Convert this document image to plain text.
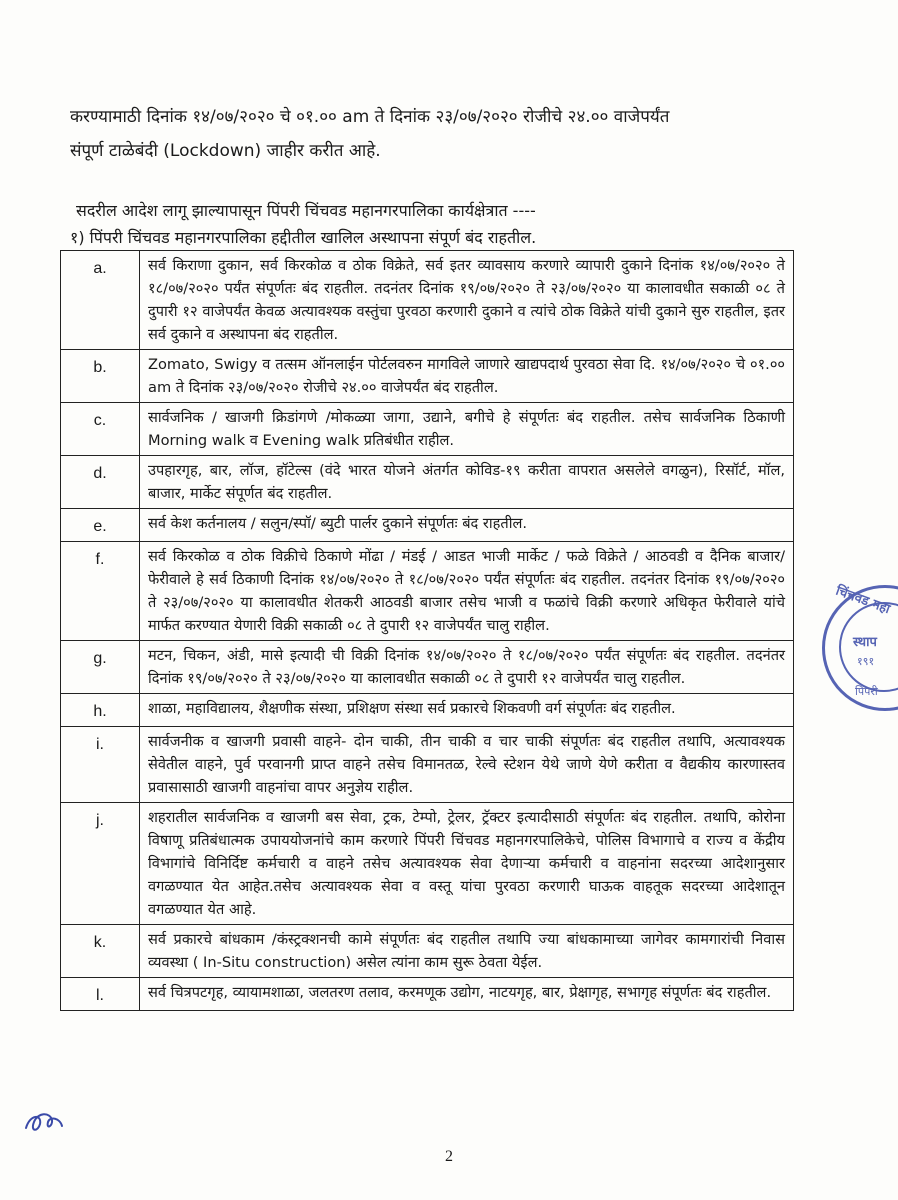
करण्यामाठी दिनांक १४/०७/२०२० चे ०१.०० am ते दिनांक २३/०७/२०२० रोजीचे २४.०० वाजेपर्यंत

संपूर्ण टाळेबंदी (Lockdown) जाहीर करीत आहे.

सदरील आदेश लागू झाल्यापासून पिंपरी चिंचवड महानगरपालिका कार्यक्षेत्रात ----

१) पिंपरी चिंचवड महानगरपालिका हद्दीतील खालिल अस्थापना संपूर्ण बंद राहतील.

a.	सर्व किराणा दुकान, सर्व किरकोळ व ठोक विक्रेते, सर्व इतर व्यावसाय करणारे व्यापारी दुकाने दिनांक १४/०७/२०२० ते १८/०७/२०२० पर्यंत संपूर्णतः बंद राहतील. तदनंतर दिनांक १९/०७/२०२० ते २३/०७/२०२० या कालावधीत सकाळी ०८ ते दुपारी १२ वाजेपर्यंत केवळ अत्यावश्यक वस्तुंचा पुरवठा करणारी दुकाने व त्यांचे ठोक विक्रेते यांची दुकाने सुरु राहतील, इतर सर्व दुकाने व अस्थापना बंद राहतील.
b.	Zomato, Swigy व तत्सम ऑनलाईन पोर्टलवरुन मागविले जाणारे खाद्यपदार्थ पुरवठा सेवा दि. १४/०७/२०२० चे ०१.०० am ते दिनांक २३/०७/२०२० रोजीचे २४.०० वाजेपर्यंत बंद राहतील.
c.	सार्वजनिक / खाजगी क्रिडांगणे /मोकळ्या जागा, उद्याने, बगीचे हे संपूर्णतः बंद राहतील. तसेच सार्वजनिक ठिकाणी Morning walk व Evening walk प्रतिबंधीत राहील.
d.	उपहारगृह, बार, लॉज, हॉटेल्स (वंदे भारत योजने अंतर्गत कोविड-१९ करीता वापरात असलेले वगळुन), रिसॉर्ट, मॉल, बाजार, मार्केट संपूर्णत बंद राहतील.
e.	सर्व केश कर्तनालय / सलुन/स्पॉ/ ब्युटी पार्लर दुकाने संपूर्णतः बंद राहतील.
f.	सर्व किरकोळ व ठोक विक्रीचे ठिकाणे मोंढा / मंडई / आडत भाजी मार्केट / फळे विक्रेते / आठवडी व दैनिक बाजार/ फेरीवाले हे सर्व ठिकाणी दिनांक १४/०७/२०२० ते १८/०७/२०२० पर्यंत संपूर्णतः बंद राहतील. तदनंतर दिनांक १९/०७/२०२० ते २३/०७/२०२० या कालावधीत शेतकरी आठवडी बाजार तसेच भाजी व फळांचे विक्री करणारे अधिकृत फेरीवाले यांचे मार्फत करण्यात येणारी विक्री सकाळी ०८ ते दुपारी १२ वाजेपर्यंत चालु राहील.
g.	मटन, चिकन, अंडी, मासे इत्यादी ची विक्री दिनांक १४/०७/२०२० ते १८/०७/२०२० पर्यंत संपूर्णतः बंद राहतील. तदनंतर दिनांक १९/०७/२०२० ते २३/०७/२०२० या कालावधीत सकाळी ०८ ते दुपारी १२ वाजेपर्यंत चालु राहतील.
h.	शाळा, महाविद्यालय, शैक्षणीक संस्था, प्रशिक्षण संस्था सर्व प्रकारचे शिकवणी वर्ग संपूर्णतः बंद राहतील.
i.	सार्वजनीक व खाजगी प्रवासी वाहने- दोन चाकी, तीन चाकी व चार चाकी संपूर्णतः बंद राहतील तथापि, अत्यावश्यक सेवेतील वाहने, पुर्व परवानगी प्राप्त वाहने तसेच विमानतळ, रेल्वे स्टेशन येथे जाणे येणे करीता व वैद्यकीय कारणास्तव प्रवासासाठी खाजगी वाहनांचा वापर अनुज्ञेय राहील.
j.	शहरातील सार्वजनिक व खाजगी बस सेवा, ट्रक, टेम्पो, ट्रेलर, ट्रॅक्टर इत्यादीसाठी संपूर्णतः बंद राहतील. तथापि, कोरोना विषाणू प्रतिबंधात्मक उपाययोजनांचे काम करणारे पिंपरी चिंचवड महानगरपालिकेचे, पोलिस विभागाचे व राज्य व केंद्रीय विभागांचे विनिर्दिष्ट कर्मचारी व वाहने तसेच अत्यावश्यक सेवा देणाऱ्या कर्मचारी व वाहनांना सदरच्या आदेशानुसार वगळण्यात येत आहेत.तसेच अत्यावश्यक सेवा व वस्तू यांचा पुरवठा करणारी घाऊक वाहतूक सदरच्या आदेशातून वगळण्यात येत आहे.
k.	सर्व प्रकारचे बांधकाम /कंस्ट्रक्शनची कामे संपूर्णतः बंद राहतील तथापि ज्या बांधकामाच्या जागेवर कामगारांची निवास व्यवस्था ( In-Situ construction) असेल त्यांना काम सुरू ठेवता येईल.
l.	सर्व चित्रपटगृह, व्यायामशाळा, जलतरण तलाव, करमणूक उद्योग, नाटयगृह, बार, प्रेक्षागृह, सभागृह संपूर्णतः बंद राहतील.
चिंचवड महा
स्थाप
१९१
पिंपरी
2
